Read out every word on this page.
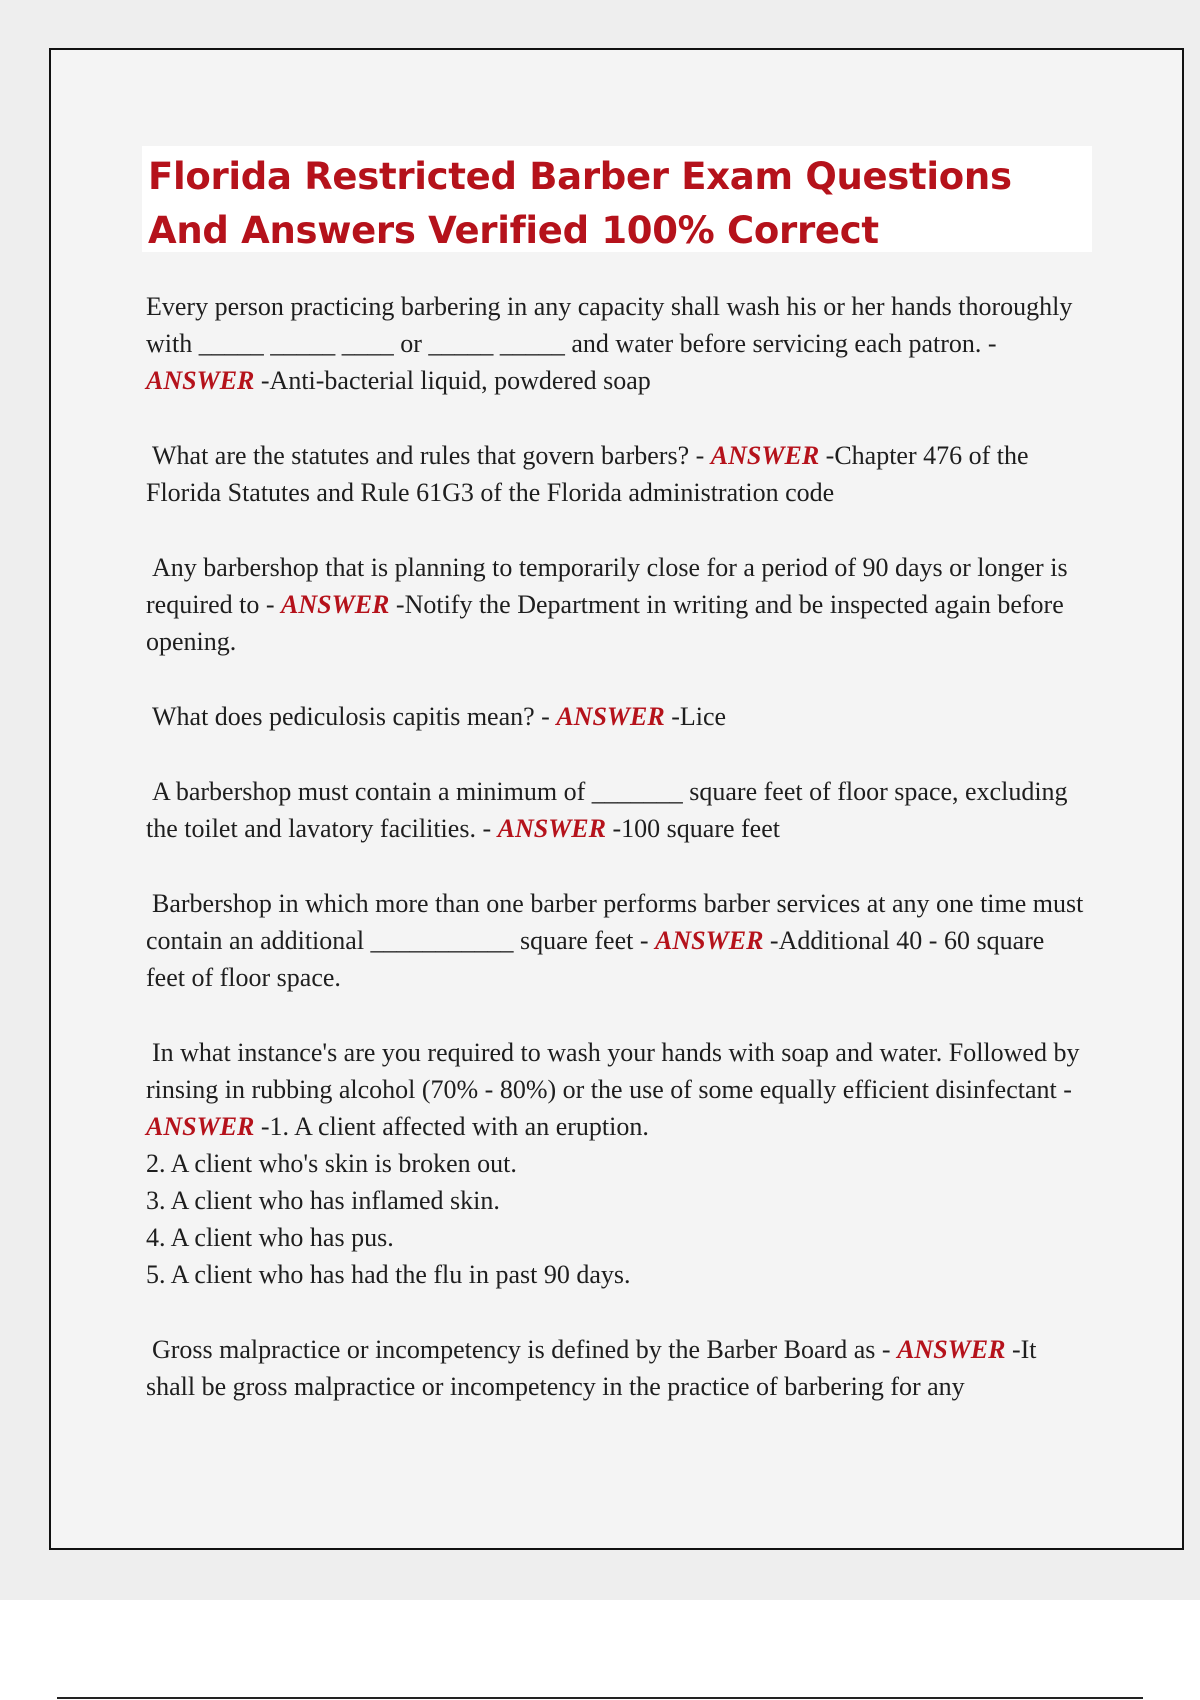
Florida Restricted Barber Exam Questions And Answers Verified 100% Correct

Every person practicing barbering in any capacity shall wash his or her hands thoroughly with _____ _____ ____ or _____ _____ and water before servicing each patron. - ANSWER -Anti-bacterial liquid, powdered soap

What are the statutes and rules that govern barbers? - ANSWER -Chapter 476 of the Florida Statutes and Rule 61G3 of the Florida administration code

Any barbershop that is planning to temporarily close for a period of 90 days or longer is required to - ANSWER -Notify the Department in writing and be inspected again before opening.

What does pediculosis capitis mean? - ANSWER -Lice

A barbershop must contain a minimum of _______ square feet of floor space, excluding the toilet and lavatory facilities. - ANSWER -100 square feet

Barbershop in which more than one barber performs barber services at any one time must contain an additional ___________ square feet - ANSWER -Additional 40 - 60 square feet of floor space.

In what instance's are you required to wash your hands with soap and water. Followed by rinsing in rubbing alcohol (70% - 80%) or the use of some equally efficient disinfectant - ANSWER -1. A client affected with an eruption.
2. A client who's skin is broken out.
3. A client who has inflamed skin.
4. A client who has pus.
5. A client who has had the flu in past 90 days.

Gross malpractice or incompetency is defined by the Barber Board as - ANSWER -It shall be gross malpractice or incompetency in the practice of barbering for any
